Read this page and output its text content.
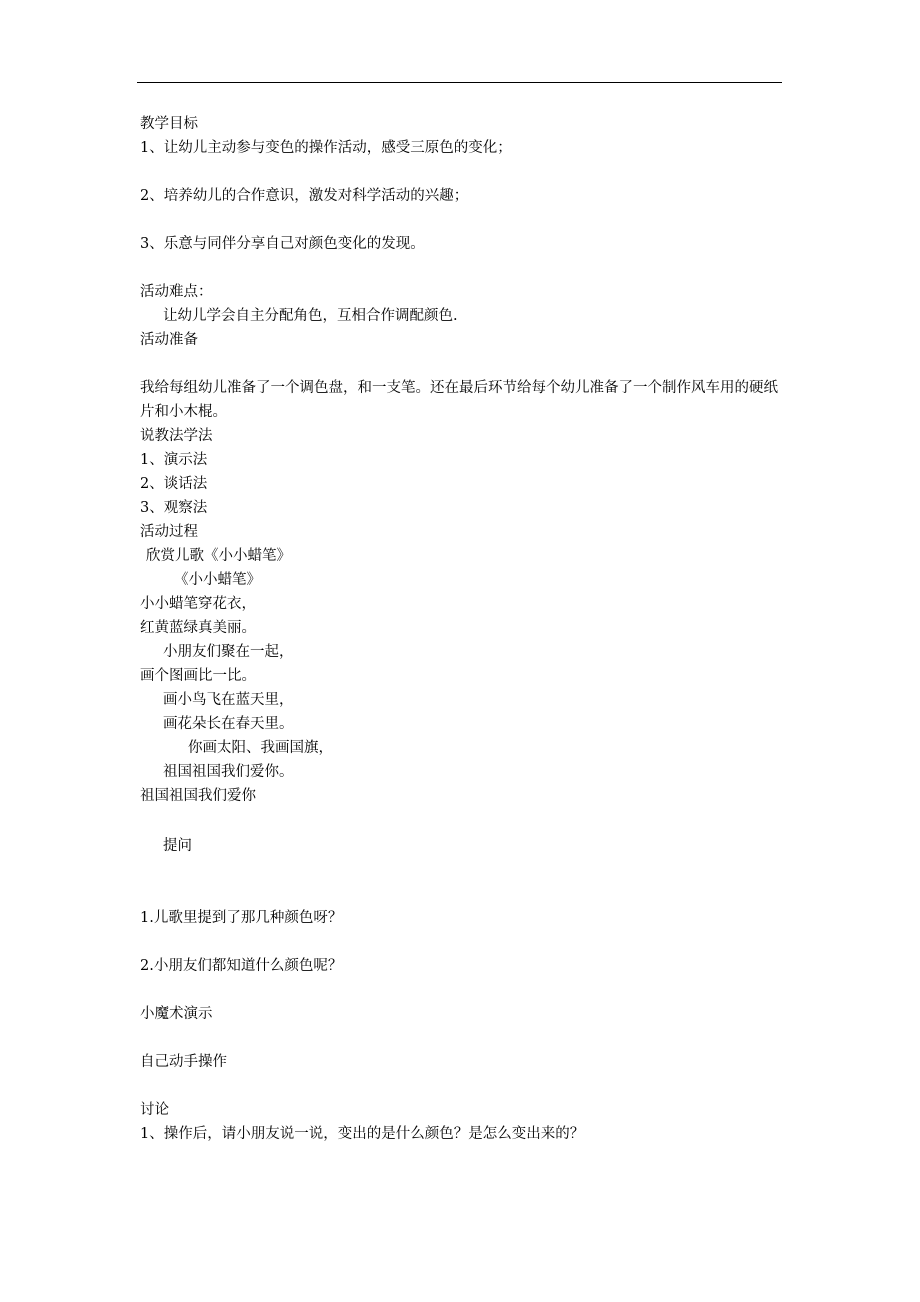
教学目标
1、让幼儿主动参与变色的操作活动，感受三原色的变化；
2、培养幼儿的合作意识，激发对科学活动的兴趣；
3、乐意与同伴分享自己对颜色变化的发现。
活动难点：
让幼儿学会自主分配角色，互相合作调配颜色.
活动准备
我给每组幼儿准备了一个调色盘，和一支笔。还在最后环节给每个幼儿准备了一个制作风车用的硬纸片和小木棍。
说教法学法
1、演示法
2、谈话法
3、观察法
活动过程
欣赏儿歌《小小蜡笔》
《小小蜡笔》
小小蜡笔穿花衣，
红黄蓝绿真美丽。
小朋友们聚在一起，
画个图画比一比。
画小鸟飞在蓝天里，
画花朵长在春天里。
你画太阳、我画国旗，
祖国祖国我们爱你。
祖国祖国我们爱你
提问
1.儿歌里提到了那几种颜色呀？
2.小朋友们都知道什么颜色呢？
小魔术演示
自己动手操作
讨论
1、操作后，请小朋友说一说，变出的是什么颜色？是怎么变出来的？
